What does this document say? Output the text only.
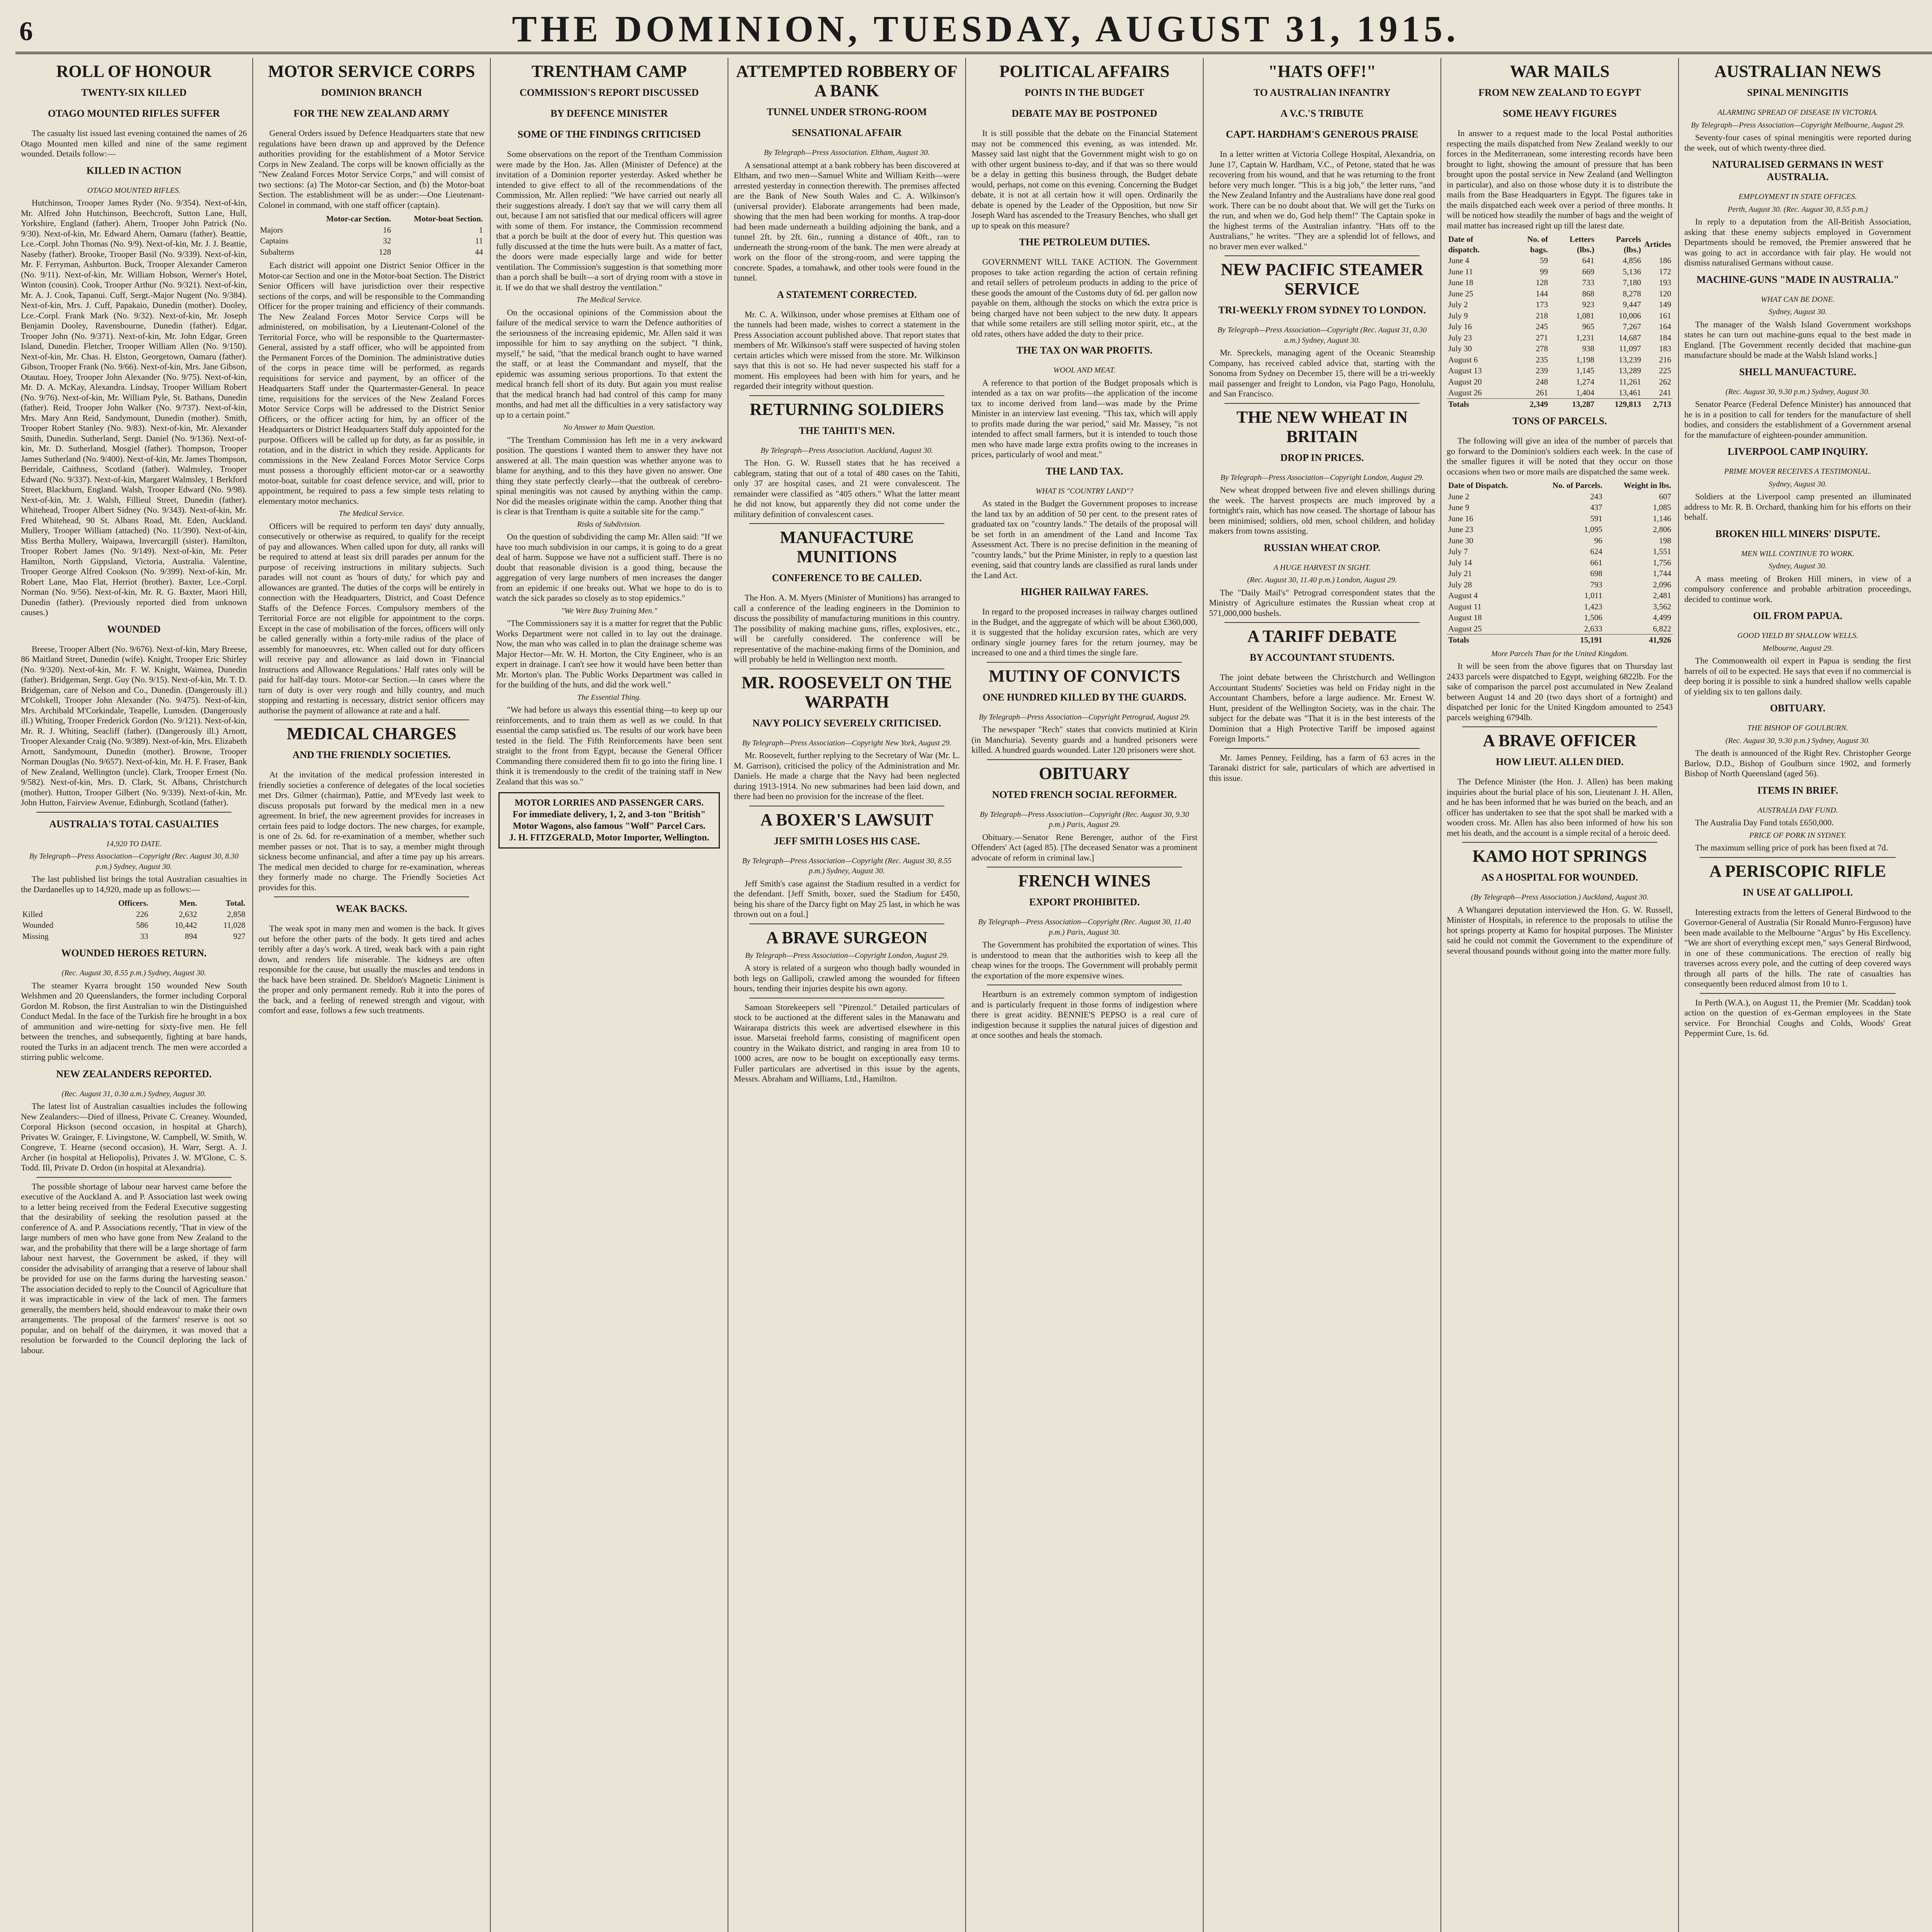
6	THE DOMINION, TUESDAY, AUGUST 31, 1915.
ROLL OF HONOUR
TWENTY-SIX KILLED
OTAGO MOUNTED RIFLES SUFFER

The casualty list issued last evening contained the names of 26 Otago Mounted men killed and nine of the same regiment wounded. Details follow:—

KILLED IN ACTION
OTAGO MOUNTED RIFLES.

Hutchinson, Trooper James Ryder (No. 9/354). Next-of-kin, Mr. Alfred John Hutchinson, Beechcroft, Sutton Lane, Hull, Yorkshire, England (father). Ahern, Trooper John Patrick (No. 9/30). Next-of-kin, Mr. Edward Ahern, Oamaru (father). Beattie, Lce.-Corpl. John Thomas (No. 9/9). Next-of-kin, Mr. J. J. Beattie, Naseby (father). Brooke, Trooper Basil (No. 9/339). Next-of-kin, Mr. F. Ferryman, Ashburton. Buck, Trooper Alexander Cameron (No. 9/11). Next-of-kin, Mr. William Hobson, Werner's Hotel, Winton (cousin). Cook, Trooper Arthur (No. 9/321). Next-of-kin, Mr. A. J. Cook, Tapanui. Cuff, Sergt.-Major Nugent (No. 9/384). Next-of-kin, Mrs. J. Cuff, Papakaio, Dunedin (mother). Dooley, Lce.-Corpl. Frank Mark (No. 9/32). Next-of-kin, Mr. Joseph Benjamin Dooley, Ravensbourne, Dunedin (father). Edgar, Trooper John (No. 9/371). Next-of-kin, Mr. John Edgar, Green Island, Dunedin. Fletcher, Trooper William Allen (No. 9/150). Next-of-kin, Mr. Chas. H. Elston, Georgetown, Oamaru (father). Gibson, Trooper Frank (No. 9/66). Next-of-kin, Mrs. Jane Gibson, Otautau. Hoey, Trooper John Alexander (No. 9/75). Next-of-kin, Mr. D. A. McKay, Alexandra. Lindsay, Trooper William Robert (No. 9/76). Next-of-kin, Mr. William Pyle, St. Bathans, Dunedin (father). Reid, Trooper John Walker (No. 9/737). Next-of-kin, Mrs. Mary Ann Reid, Sandymount, Dunedin (mother). Smith, Trooper Robert Stanley (No. 9/83). Next-of-kin, Mr. Alexander Smith, Dunedin. Sutherland, Sergt. Daniel (No. 9/136). Next-of-kin, Mr. D. Sutherland, Mosgiel (father). Thompson, Trooper James Sutherland (No. 9/400). Next-of-kin, Mr. James Thompson, Berridale, Caithness, Scotland (father). Walmsley, Trooper Edward (No. 9/337). Next-of-kin, Margaret Walmsley, 1 Berkford Street, Blackburn, England. Walsh, Trooper Edward (No. 9/98). Next-of-kin, Mr. J. Walsh, Fillieul Street, Dunedin (father). Whitehead, Trooper Albert Sidney (No. 9/343). Next-of-kin, Mr. Fred Whitehead, 90 St. Albans Road, Mt. Eden, Auckland. Mullery, Trooper William (attached) (No. 11/390). Next-of-kin, Miss Bertha Mullery, Waipawa, Invercargill (sister). Hamilton, Trooper Robert James (No. 9/149). Next-of-kin, Mr. Peter Hamilton, North Gippsland, Victoria, Australia. Valentine, Trooper George Alfred Cookson (No. 9/399). Next-of-kin, Mr. Robert Lane, Mao Flat, Herriot (brother). Baxter, Lce.-Corpl. Norman (No. 9/56). Next-of-kin, Mr. R. G. Baxter, Maori Hill, Dunedin (father). (Previously reported died from unknown causes.)

WOUNDED

Breese, Trooper Albert (No. 9/676). Next-of-kin, Mary Breese, 86 Maitland Street, Dunedin (wife). Knight, Trooper Eric Shirley (No. 9/320). Next-of-kin, Mr. F. W. Knight, Waimea, Dunedin (father). Bridgeman, Sergt. Guy (No. 9/15). Next-of-kin, Mr. T. D. Bridgeman, care of Nelson and Co., Dunedin. (Dangerously ill.) M'Colskell, Trooper John Alexander (No. 9/475). Next-of-kin, Mrs. Archibald M'Corkindale, Teapelle, Lumsden. (Dangerously ill.) Whiting, Trooper Frederick Gordon (No. 9/121). Next-of-kin, Mr. R. J. Whiting, Seacliff (father). (Dangerously ill.) Arnott, Trooper Alexander Craig (No. 9/389). Next-of-kin, Mrs. Elizabeth Arnott, Sandymount, Dunedin (mother). Browne, Trooper Norman Douglas (No. 9/657). Next-of-kin, Mr. H. F. Fraser, Bank of New Zealand, Wellington (uncle). Clark, Trooper Ernest (No. 9/582). Next-of-kin, Mrs. D. Clark, St. Albans, Christchurch (mother). Hutton, Trooper Gilbert (No. 9/339). Next-of-kin, Mr. John Hutton, Fairview Avenue, Edinburgh, Scotland (father).

AUSTRALIA'S TOTAL CASUALTIES
14,920 TO DATE.
By Telegraph—Press Association—Copyright (Rec. August 30, 8.30 p.m.) Sydney, August 30.

The last published list brings the total Australian casualties in the Dardanelles up to 14,920, made up as follows:—

	Officers.	Men.	Total.
Killed	226	2,632	2,858
Wounded	586	10,442	11,028
Missing	33	894	927
WOUNDED HEROES RETURN.
(Rec. August 30, 8.55 p.m.) Sydney, August 30.

The steamer Kyarra brought 150 wounded New South Welshmen and 20 Queenslanders, the former including Corporal Gordon M. Robson, the first Australian to win the Distinguished Conduct Medal. In the face of the Turkish fire he brought in a box of ammunition and wire-netting for sixty-five men. He fell between the trenches, and subsequently, fighting at bare hands, routed the Turks in an adjacent trench. The men were accorded a stirring public welcome.

NEW ZEALANDERS REPORTED.
(Rec. August 31, 0.30 a.m.) Sydney, August 30.

The latest list of Australian casualties includes the following New Zealanders:—Died of illness, Private C. Creaney. Wounded, Corporal Hickson (second occasion, in hospital at Gharch), Privates W. Grainger, F. Livingstone, W. Campbell, W. Smith, W. Congreve, T. Hearne (second occasion), H. Warr, Sergt. A. J. Archer (in hospital at Heliopolis), Privates J. W. M'Glone, C. S. Todd. Ill, Private D. Ordon (in hospital at Alexandria).

The possible shortage of labour near harvest came before the executive of the Auckland A. and P. Association last week owing to a letter being received from the Federal Executive suggesting that the desirability of seeking the resolution passed at the conference of A. and P. Associations recently, 'That in view of the large numbers of men who have gone from New Zealand to the war, and the probability that there will be a large shortage of farm labour next harvest, the Government be asked, if they will consider the advisability of arranging that a reserve of labour shall be provided for use on the farms during the harvesting season.' The association decided to reply to the Council of Agriculture that it was impracticable in view of the lack of men. The farmers generally, the members held, should endeavour to make their own arrangements. The proposal of the farmers' reserve is not so popular, and on behalf of the dairymen, it was moved that a resolution be forwarded to the Council deploring the lack of labour.

MOTOR SERVICE CORPS
DOMINION BRANCH
FOR THE NEW ZEALAND ARMY

General Orders issued by Defence Headquarters state that new regulations have been drawn up and approved by the Defence authorities providing for the establishment of a Motor Service Corps in New Zealand. The corps will be known officially as the "New Zealand Forces Motor Service Corps," and will consist of two sections: (a) The Motor-car Section, and (b) the Motor-boat Section. The establishment will be as under:—One Lieutenant-Colonel in command, with one staff officer (captain).

	Motor-car Section.	Motor-boat Section.
Majors	16	1
Captains	32	11
Subalterns	128	44

Each district will appoint one District Senior Officer in the Motor-car Section and one in the Motor-boat Section. The District Senior Officers will have jurisdiction over their respective sections of the corps, and will be responsible to the Commanding Officer for the proper training and efficiency of their commands. The New Zealand Forces Motor Service Corps will be administered, on mobilisation, by a Lieutenant-Colonel of the Territorial Force, who will be responsible to the Quartermaster-General, assisted by a staff officer, who will be appointed from the Permanent Forces of the Dominion. The administrative duties of the corps in peace time will be performed, as regards requisitions for service and payment, by an officer of the Headquarters Staff under the Quartermaster-General. In peace time, requisitions for the services of the New Zealand Forces Motor Service Corps will be addressed to the District Senior Officers, or the officer acting for him, by an officer of the Headquarters or District Headquarters Staff duly appointed for the purpose. Officers will be called up for duty, as far as possible, in rotation, and in the district in which they reside. Applicants for commissions in the New Zealand Forces Motor Service Corps must possess a thoroughly efficient motor-car or a seaworthy motor-boat, suitable for coast defence service, and will, prior to appointment, be required to pass a few simple tests relating to elementary motor mechanics.

The Medical Service.

Officers will be required to perform ten days' duty annually, consecutively or otherwise as required, to qualify for the receipt of pay and allowances. When called upon for duty, all ranks will be required to attend at least six drill parades per annum for the purpose of receiving instructions in military subjects. Such parades will not count as 'hours of duty,' for which pay and allowances are granted. The duties of the corps will be entirely in connection with the Headquarters, District, and Coast Defence Staffs of the Defence Forces. Compulsory members of the Territorial Force are not eligible for appointment to the corps. Except in the case of mobilisation of the forces, officers will only be called generally within a forty-mile radius of the place of assembly for manoeuvres, etc. When called out for duty officers will receive pay and allowance as laid down in 'Financial Instructions and Allowance Regulations.' Half rates only will be paid for half-day tours. Motor-car Section.—In cases where the turn of duty is over very rough and hilly country, and much stopping and restarting is necessary, district senior officers may authorise the payment of allowance at rate and a half.

MEDICAL CHARGES
AND THE FRIENDLY SOCIETIES.

At the invitation of the medical profession interested in friendly societies a conference of delegates of the local societies met Drs. Gilmer (chairman), Pattie, and M'Evedy last week to discuss proposals put forward by the medical men in a new agreement. In brief, the new agreement provides for increases in certain fees paid to lodge doctors. The new charges, for example, is one of 2s. 6d. for re-examination of a member, whether such member passes or not. That is to say, a member might through sickness become unfinancial, and after a time pay up his arrears. The medical men decided to charge for re-examination, whereas they formerly made no charge. The Friendly Societies Act provides for this.

WEAK BACKS.

The weak spot in many men and women is the back. It gives out before the other parts of the body. It gets tired and aches terribly after a day's work. A tired, weak back with a pain right down, and renders life miserable. The kidneys are often responsible for the cause, but usually the muscles and tendons in the back have been strained. Dr. Sheldon's Magnetic Liniment is the proper and only permanent remedy. Rub it into the pores of the back, and a feeling of renewed strength and vigour, with comfort and ease, follows a few such treatments.

TRENTHAM CAMP
COMMISSION'S REPORT DISCUSSED
BY DEFENCE MINISTER
SOME OF THE FINDINGS CRITICISED

Some observations on the report of the Trentham Commission were made by the Hon. Jas. Allen (Minister of Defence) at the invitation of a Dominion reporter yesterday. Asked whether he intended to give effect to all of the recommendations of the Commission, Mr. Allen replied: "We have carried out nearly all their suggestions already. I don't say that we will carry them all out, because I am not satisfied that our medical officers will agree with some of them. For instance, the Commission recommend that a porch be built at the door of every hut. This question was fully discussed at the time the huts were built. As a matter of fact, the doors were made especially large and wide for better ventilation. The Commission's suggestion is that something more than a porch shall be built—a sort of drying room with a stove in it. If we do that we shall destroy the ventilation."

The Medical Service.

On the occasional opinions of the Commission about the failure of the medical service to warn the Defence authorities of the seriousness of the increasing epidemic, Mr. Allen said it was impossible for him to say anything on the subject. "I think, myself," he said, "that the medical branch ought to have warned the staff, or at least the Commandant and myself, that the epidemic was assuming serious proportions. To that extent the medical branch fell short of its duty. But again you must realise that the medical branch had had control of this camp for many months, and had met all the difficulties in a very satisfactory way up to a certain point."

No Answer to Main Question.

"The Trentham Commission has left me in a very awkward position. The questions I wanted them to answer they have not answered at all. The main question was whether anyone was to blame for anything, and to this they have given no answer. One thing they state perfectly clearly—that the outbreak of cerebro-spinal meningitis was not caused by anything within the camp. Nor did the measles originate within the camp. Another thing that is clear is that Trentham is quite a suitable site for the camp."

Risks of Subdivision.

On the question of subdividing the camp Mr. Allen said: "If we have too much subdivision in our camps, it is going to do a great deal of harm. Suppose we have not a sufficient staff. There is no doubt that reasonable division is a good thing, because the aggregation of very large numbers of men increases the danger from an epidemic if one breaks out. What we hope to do is to watch the sick parades so closely as to stop epidemics."

"We Were Busy Training Men."

"The Commissioners say it is a matter for regret that the Public Works Department were not called in to lay out the drainage. Now, the man who was called in to plan the drainage scheme was Major Hector—Mr. W. H. Morton, the City Engineer, who is an expert in drainage. I can't see how it would have been better than Mr. Morton's plan. The Public Works Department was called in for the building of the huts, and did the work well."

The Essential Thing.

"We had before us always this essential thing—to keep up our reinforcements, and to train them as well as we could. In that essential the camp satisfied us. The results of our work have been tested in the field. The Fifth Reinforcements have been sent straight to the front from Egypt, because the General Officer Commanding there considered them fit to go into the firing line. I think it is tremendously to the credit of the training staff in New Zealand that this was so."

MOTOR LORRIES AND PASSENGER CARS.
For immediate delivery, 1, 2, and 3-ton "British" Motor Wagons, also famous "Wolf" Parcel Cars.
J. H. FITZGERALD, Motor Importer, Wellington.
ATTEMPTED ROBBERY OF A BANK
TUNNEL UNDER STRONG-ROOM
SENSATIONAL AFFAIR
By Telegraph—Press Association. Eltham, August 30.

A sensational attempt at a bank robbery has been discovered at Eltham, and two men—Samuel White and William Keith—were arrested yesterday in connection therewith. The premises affected are the Bank of New South Wales and C. A. Wilkinson's (universal provider). Elaborate arrangements had been made, showing that the men had been working for months. A trap-door had been made underneath a building adjoining the bank, and a tunnel 2ft. by 2ft. 6in., running a distance of 40ft., ran to underneath the strong-room of the bank. The men were already at work on the floor of the strong-room, and were tapping the concrete. Spades, a tomahawk, and other tools were found in the tunnel.

A STATEMENT CORRECTED.

Mr. C. A. Wilkinson, under whose premises at Eltham one of the tunnels had been made, wishes to correct a statement in the Press Association account published above. That report states that members of Mr. Wilkinson's staff were suspected of having stolen certain articles which were missed from the store. Mr. Wilkinson says that this is not so. He had never suspected his staff for a moment. His employees had been with him for years, and he regarded their integrity without question.

RETURNING SOLDIERS
THE TAHITI'S MEN.
By Telegraph—Press Association. Auckland, August 30.

The Hon. G. W. Russell states that he has received a cablegram, stating that out of a total of 480 cases on the Tahiti, only 37 are hospital cases, and 21 were convalescent. The remainder were classified as "405 others." What the latter meant he did not know, but apparently they did not come under the military definition of convalescent cases.

MANUFACTURE MUNITIONS
CONFERENCE TO BE CALLED.

The Hon. A. M. Myers (Minister of Munitions) has arranged to call a conference of the leading engineers in the Dominion to discuss the possibility of manufacturing munitions in this country. The possibility of making machine guns, rifles, explosives, etc., will be carefully considered. The conference will be representative of the machine-making firms of the Dominion, and will probably be held in Wellington next month.

MR. ROOSEVELT ON THE WARPATH
NAVY POLICY SEVERELY CRITICISED.
By Telegraph—Press Association—Copyright New York, August 29.

Mr. Roosevelt, further replying to the Secretary of War (Mr. L. M. Garrison), criticised the policy of the Administration and Mr. Daniels. He made a charge that the Navy had been neglected during 1913-1914. No new submarines had been laid down, and there had been no provision for the increase of the fleet.

A BOXER'S LAWSUIT
JEFF SMITH LOSES HIS CASE.
By Telegraph—Press Association—Copyright (Rec. August 30, 8.55 p.m.) Sydney, August 30.

Jeff Smith's case against the Stadium resulted in a verdict for the defendant. [Jeff Smith, boxer, sued the Stadium for £450, being his share of the Darcy fight on May 25 last, in which he was thrown out on a foul.]

A BRAVE SURGEON
By Telegraph—Press Association—Copyright London, August 29.

A story is related of a surgeon who though badly wounded in both legs on Gallipoli, crawled among the wounded for fifteen hours, tending their injuries despite his own agony.

Samoan Storekeepers sell "Pirenzol." Detailed particulars of stock to be auctioned at the different sales in the Manawatu and Wairarapa districts this week are advertised elsewhere in this issue. Marsetai freehold farms, consisting of magnificent open country in the Waikato district, and ranging in area from 10 to 1000 acres, are now to be bought on exceptionally easy terms. Fuller particulars are advertised in this issue by the agents, Messrs. Abraham and Williams, Ltd., Hamilton.

POLITICAL AFFAIRS
POINTS IN THE BUDGET
DEBATE MAY BE POSTPONED

It is still possible that the debate on the Financial Statement may not be commenced this evening, as was intended. Mr. Massey said last night that the Government might wish to go on with other urgent business to-day, and if that was so there would be a delay in getting this business through, the Budget debate would, perhaps, not come on this evening. Concerning the Budget debate, it is not at all certain how it will open. Ordinarily the debate is opened by the Leader of the Opposition, but now Sir Joseph Ward has ascended to the Treasury Benches, who shall get up to speak on this measure?

THE PETROLEUM DUTIES.

GOVERNMENT WILL TAKE ACTION. The Government proposes to take action regarding the action of certain refining and retail sellers of petroleum products in adding to the price of these goods the amount of the Customs duty of 6d. per gallon now payable on them, although the stocks on which the extra price is being charged have not been subject to the new duty. It appears that while some retailers are still selling motor spirit, etc., at the old rates, others have added the duty to their price.

THE TAX ON WAR PROFITS.
WOOL AND MEAT.

A reference to that portion of the Budget proposals which is intended as a tax on war profits—the application of the income tax to income derived from land—was made by the Prime Minister in an interview last evening. "This tax, which will apply to profits made during the war period," said Mr. Massey, "is not intended to affect small farmers, but it is intended to touch those men who have made large extra profits owing to the increases in prices, particularly of wool and meat."

THE LAND TAX.
WHAT IS "COUNTRY LAND"?

As stated in the Budget the Government proposes to increase the land tax by an addition of 50 per cent. to the present rates of graduated tax on "country lands." The details of the proposal will be set forth in an amendment of the Land and Income Tax Assessment Act. There is no precise definition in the meaning of "country lands," but the Prime Minister, in reply to a question last evening, said that country lands are classified as rural lands under the Land Act.

HIGHER RAILWAY FARES.

In regard to the proposed increases in railway charges outlined in the Budget, and the aggregate of which will be about £360,000, it is suggested that the holiday excursion rates, which are very ordinary single journey fares for the return journey, may be increased to one and a third times the single fare.

MUTINY OF CONVICTS
ONE HUNDRED KILLED BY THE GUARDS.
By Telegraph—Press Association—Copyright Petrograd, August 29.

The newspaper "Rech" states that convicts mutinied at Kirin (in Manchuria). Seventy guards and a hundred prisoners were killed. A hundred guards wounded. Later 120 prisoners were shot.

OBITUARY
NOTED FRENCH SOCIAL REFORMER.
By Telegraph—Press Association—Copyright (Rec. August 30, 9.30 p.m.) Paris, August 29.

Obituary.—Senator Rene Berenger, author of the First Offenders' Act (aged 85). [The deceased Senator was a prominent advocate of reform in criminal law.]

FRENCH WINES
EXPORT PROHIBITED.
By Telegraph—Press Association—Copyright (Rec. August 30, 11.40 p.m.) Paris, August 30.

The Government has prohibited the exportation of wines. This is understood to mean that the authorities wish to keep all the cheap wines for the troops. The Government will probably permit the exportation of the more expensive wines.

Heartburn is an extremely common symptom of indigestion and is particularly frequent in those forms of indigestion where there is great acidity. BENNIE'S PEPSO is a real cure of indigestion because it supplies the natural juices of digestion and at once soothes and heals the stomach.

"HATS OFF!"
TO AUSTRALIAN INFANTRY
A V.C.'S TRIBUTE
CAPT. HARDHAM'S GENEROUS PRAISE

In a letter written at Victoria College Hospital, Alexandria, on June 17, Captain W. Hardham, V.C., of Petone, stated that he was recovering from his wound, and that he was returning to the front before very much longer. "This is a big job," the letter runs, "and the New Zealand Infantry and the Australians have done real good work. There can be no doubt about that. We will get the Turks on the run, and when we do, God help them!" The Captain spoke in the highest terms of the Australian infantry. "Hats off to the Australians," he writes. "They are a splendid lot of fellows, and no braver men ever walked."

NEW PACIFIC STEAMER SERVICE
TRI-WEEKLY FROM SYDNEY TO LONDON.
By Telegraph—Press Association—Copyright (Rec. August 31, 0.30 a.m.) Sydney, August 30.

Mr. Spreckels, managing agent of the Oceanic Steamship Company, has received cabled advice that, starting with the Sonoma from Sydney on December 15, there will be a tri-weekly mail passenger and freight to London, via Pago Pago, Honolulu, and San Francisco.

THE NEW WHEAT IN BRITAIN
DROP IN PRICES.
By Telegraph—Press Association—Copyright London, August 29.

New wheat dropped between five and eleven shillings during the week. The harvest prospects are much improved by a fortnight's rain, which has now ceased. The shortage of labour has been minimised; soldiers, old men, school children, and holiday makers from towns assisting.

RUSSIAN WHEAT CROP.
A HUGE HARVEST IN SIGHT.
(Rec. August 30, 11.40 p.m.) London, August 29.

The "Daily Mail's" Petrograd correspondent states that the Ministry of Agriculture estimates the Russian wheat crop at 571,000,000 bushels.

A TARIFF DEBATE
BY ACCOUNTANT STUDENTS.

The joint debate between the Christchurch and Wellington Accountant Students' Societies was held on Friday night in the Accountant Chambers, before a large audience. Mr. Ernest W. Hunt, president of the Wellington Society, was in the chair. The subject for the debate was "That it is in the best interests of the Dominion that a High Protective Tariff be imposed against Foreign Imports."

Mr. James Penney, Feilding, has a farm of 63 acres in the Taranaki district for sale, particulars of which are advertised in this issue.

WAR MAILS
FROM NEW ZEALAND TO EGYPT
SOME HEAVY FIGURES

In answer to a request made to the local Postal authorities respecting the mails dispatched from New Zealand weekly to our forces in the Mediterranean, some interesting records have been brought to light, showing the amount of pressure that has been brought upon the postal service in New Zealand (and Wellington in particular), and also on those whose duty it is to distribute the mails from the Base Headquarters in Egypt. The figures take in the mails dispatched each week over a period of three months. It will be noticed how steadily the number of bags and the weight of mail matter has increased right up till the latest date.

Date of dispatch.	No. of bags.	Letters (lbs.)	Parcels (lbs.)	Articles
June 4	59	641	4,856	186
June 11	99	669	5,136	172
June 18	128	733	7,180	193
June 25	144	868	8,278	120
July 2	173	923	9,447	149
July 9	218	1,081	10,006	161
July 16	245	965	7,267	164
July 23	271	1,231	14,687	184
July 30	278	938	11,097	183
August 6	235	1,198	13,239	216
August 13	239	1,145	13,289	225
August 20	248	1,274	11,261	262
August 26	261	1,404	13,461	241
Totals	2,349	13,287	129,813	2,713
TONS OF PARCELS.

The following will give an idea of the number of parcels that go forward to the Dominion's soldiers each week. In the case of the smaller figures it will be noted that they occur on those occasions when two or more mails are dispatched the same week.

Date of Dispatch.	No. of Parcels.	Weight in lbs.
June 2	243	607
June 9	437	1,085
June 16	591	1,146
June 23	1,095	2,806
June 30	96	198
July 7	624	1,551
July 14	661	1,756
July 21	698	1,744
July 28	793	2,096
August 4	1,011	2,481
August 11	1,423	3,562
August 18	1,506	4,499
August 25	2,633	6,822
Totals	15,191	41,926
More Parcels Than for the United Kingdom.

It will be seen from the above figures that on Thursday last 2433 parcels were dispatched to Egypt, weighing 6822lb. For the sake of comparison the parcel post accumulated in New Zealand between August 14 and 20 (two days short of a fortnight) and dispatched per Ionic for the United Kingdom amounted to 2543 parcels weighing 6794lb.

A BRAVE OFFICER
HOW LIEUT. ALLEN DIED.

The Defence Minister (the Hon. J. Allen) has been making inquiries about the burial place of his son, Lieutenant J. H. Allen, and he has been informed that he was buried on the beach, and an officer has undertaken to see that the spot shall be marked with a wooden cross. Mr. Allen has also been informed of how his son met his death, and the account is a simple recital of a heroic deed.

KAMO HOT SPRINGS
AS A HOSPITAL FOR WOUNDED.
(By Telegraph—Press Association.) Auckland, August 30.

A Whangarei deputation interviewed the Hon. G. W. Russell, Minister of Hospitals, in reference to the proposals to utilise the hot springs property at Kamo for hospital purposes. The Minister said he could not commit the Government to the expenditure of several thousand pounds without going into the matter more fully.

AUSTRALIAN NEWS
SPINAL MENINGITIS
ALARMING SPREAD OF DISEASE IN VICTORIA.
By Telegraph—Press Association—Copyright Melbourne, August 29.

Seventy-four cases of spinal meningitis were reported during the week, out of which twenty-three died.

NATURALISED GERMANS IN WEST AUSTRALIA.
EMPLOYMENT IN STATE OFFICES.
Perth, August 30. (Rec. August 30, 8.55 p.m.)

In reply to a deputation from the All-British Association, asking that these enemy subjects employed in Government Departments should be removed, the Premier answered that he was going to act in accordance with fair play. He would not dismiss naturalised Germans without cause.

MACHINE-GUNS "MADE IN AUSTRALIA."
WHAT CAN BE DONE.
Sydney, August 30.

The manager of the Walsh Island Government workshops states he can turn out machine-guns equal to the best made in England. [The Government recently decided that machine-gun manufacture should be made at the Walsh Island works.]

SHELL MANUFACTURE.
(Rec. August 30, 9.30 p.m.) Sydney, August 30.

Senator Pearce (Federal Defence Minister) has announced that he is in a position to call for tenders for the manufacture of shell bodies, and considers the establishment of a Government arsenal for the manufacture of eighteen-pounder ammunition.

LIVERPOOL CAMP INQUIRY.
PRIME MOVER RECEIVES A TESTIMONIAL.
Sydney, August 30.

Soldiers at the Liverpool camp presented an illuminated address to Mr. R. B. Orchard, thanking him for his efforts on their behalf.

BROKEN HILL MINERS' DISPUTE.
MEN WILL CONTINUE TO WORK.
Sydney, August 30.

A mass meeting of Broken Hill miners, in view of a compulsory conference and probable arbitration proceedings, decided to continue work.

OIL FROM PAPUA.
GOOD YIELD BY SHALLOW WELLS.
Melbourne, August 29.

The Commonwealth oil expert in Papua is sending the first barrels of oil to be expected. He says that even if no commercial is deep boring it is possible to sink a hundred shallow wells capable of yielding six to ten gallons daily.

OBITUARY.
THE BISHOP OF GOULBURN.
(Rec. August 30, 9.30 p.m.) Sydney, August 30.

The death is announced of the Right Rev. Christopher George Barlow, D.D., Bishop of Goulburn since 1902, and formerly Bishop of North Queensland (aged 56).

ITEMS IN BRIEF.
AUSTRALIA DAY FUND.

The Australia Day Fund totals £650,000.

PRICE OF PORK IN SYDNEY.

The maximum selling price of pork has been fixed at 7d.

A PERISCOPIC RIFLE
IN USE AT GALLIPOLI.

Interesting extracts from the letters of General Birdwood to the Governor-General of Australia (Sir Ronald Munro-Ferguson) have been made available to the Melbourne "Argus" by His Excellency. "We are short of everything except men," says General Birdwood, in one of these communications. The erection of really big traverses across every pole, and the cutting of deep covered ways through all parts of the hills. The rate of casualties has consequently been reduced almost from 10 to 1.

In Perth (W.A.), on August 11, the Premier (Mr. Scaddan) took action on the question of ex-German employees in the State service. For Bronchial Coughs and Colds, Woods' Great Peppermint Cure, 1s. 6d.
